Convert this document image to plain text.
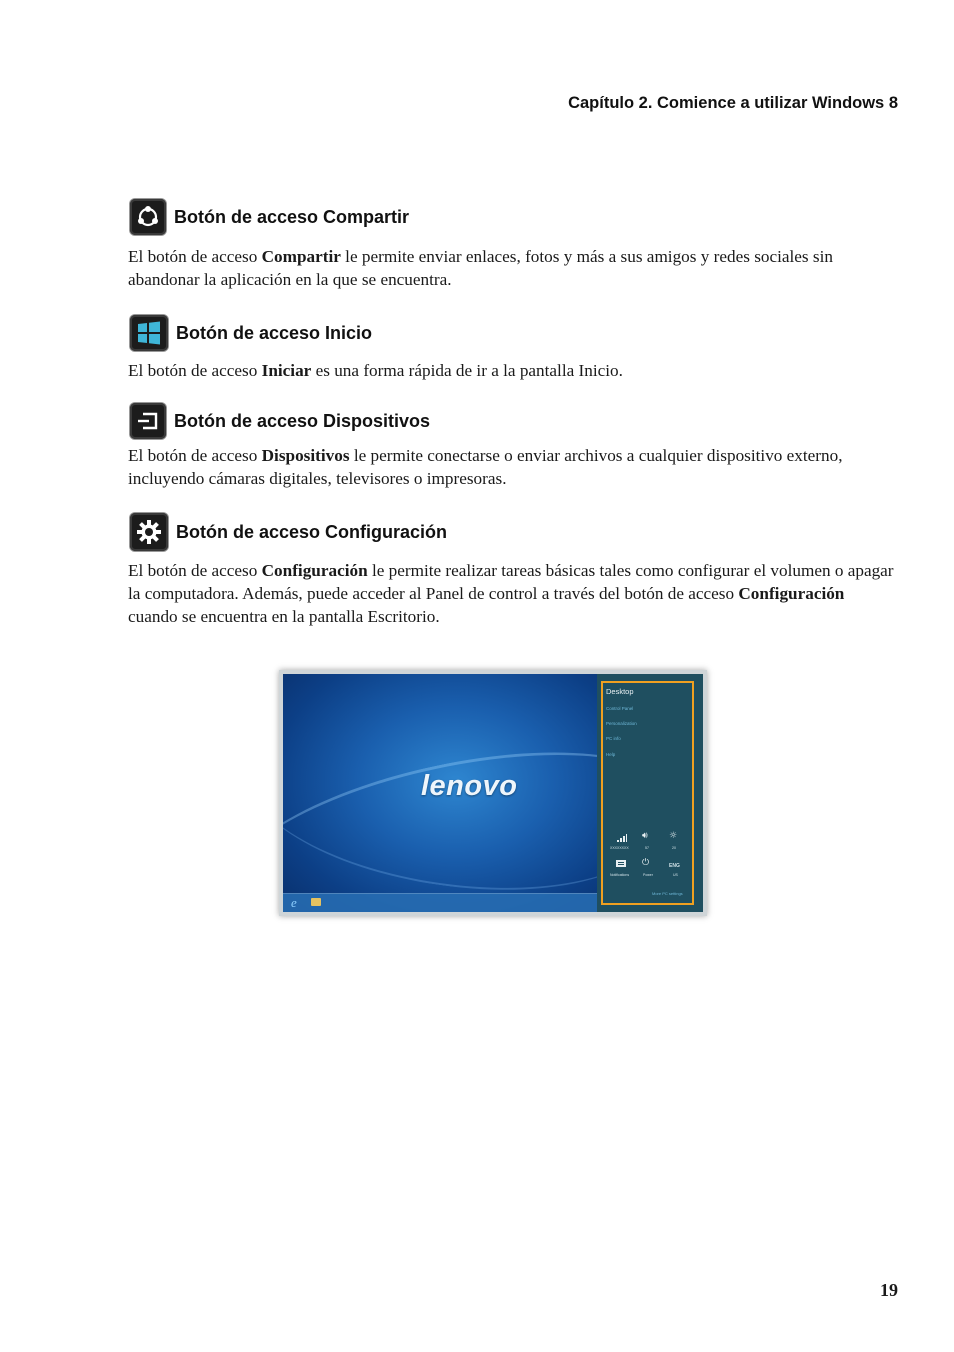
Capítulo 2. Comience a utilizar Windows 8
Botón de acceso Compartir
El botón de acceso Compartir le permite enviar enlaces, fotos y más a sus amigos y redes sociales sin abandonar la aplicación en la que se encuentra.
Botón de acceso Inicio
El botón de acceso Iniciar es una forma rápida de ir a la pantalla Inicio.
Botón de acceso Dispositivos
El botón de acceso Dispositivos le permite conectarse o enviar archivos a cualquier dispositivo externo, incluyendo cámaras digitales, televisores o impresoras.
Botón de acceso Configuración
El botón de acceso Configuración le permite realizar tareas básicas tales como configurar el volumen o apagar la computadora. Además, puede acceder al Panel de control a través del botón de acceso Configuración cuando se encuentra en la pantalla Escritorio.
lenovo
e
Desktop
Control Panel
Personalization
PC info
Help
XXXXXXXX
🔊︎
57
☼
20
Notifications
⏻
Power
ENG
US
More PC settings
19
